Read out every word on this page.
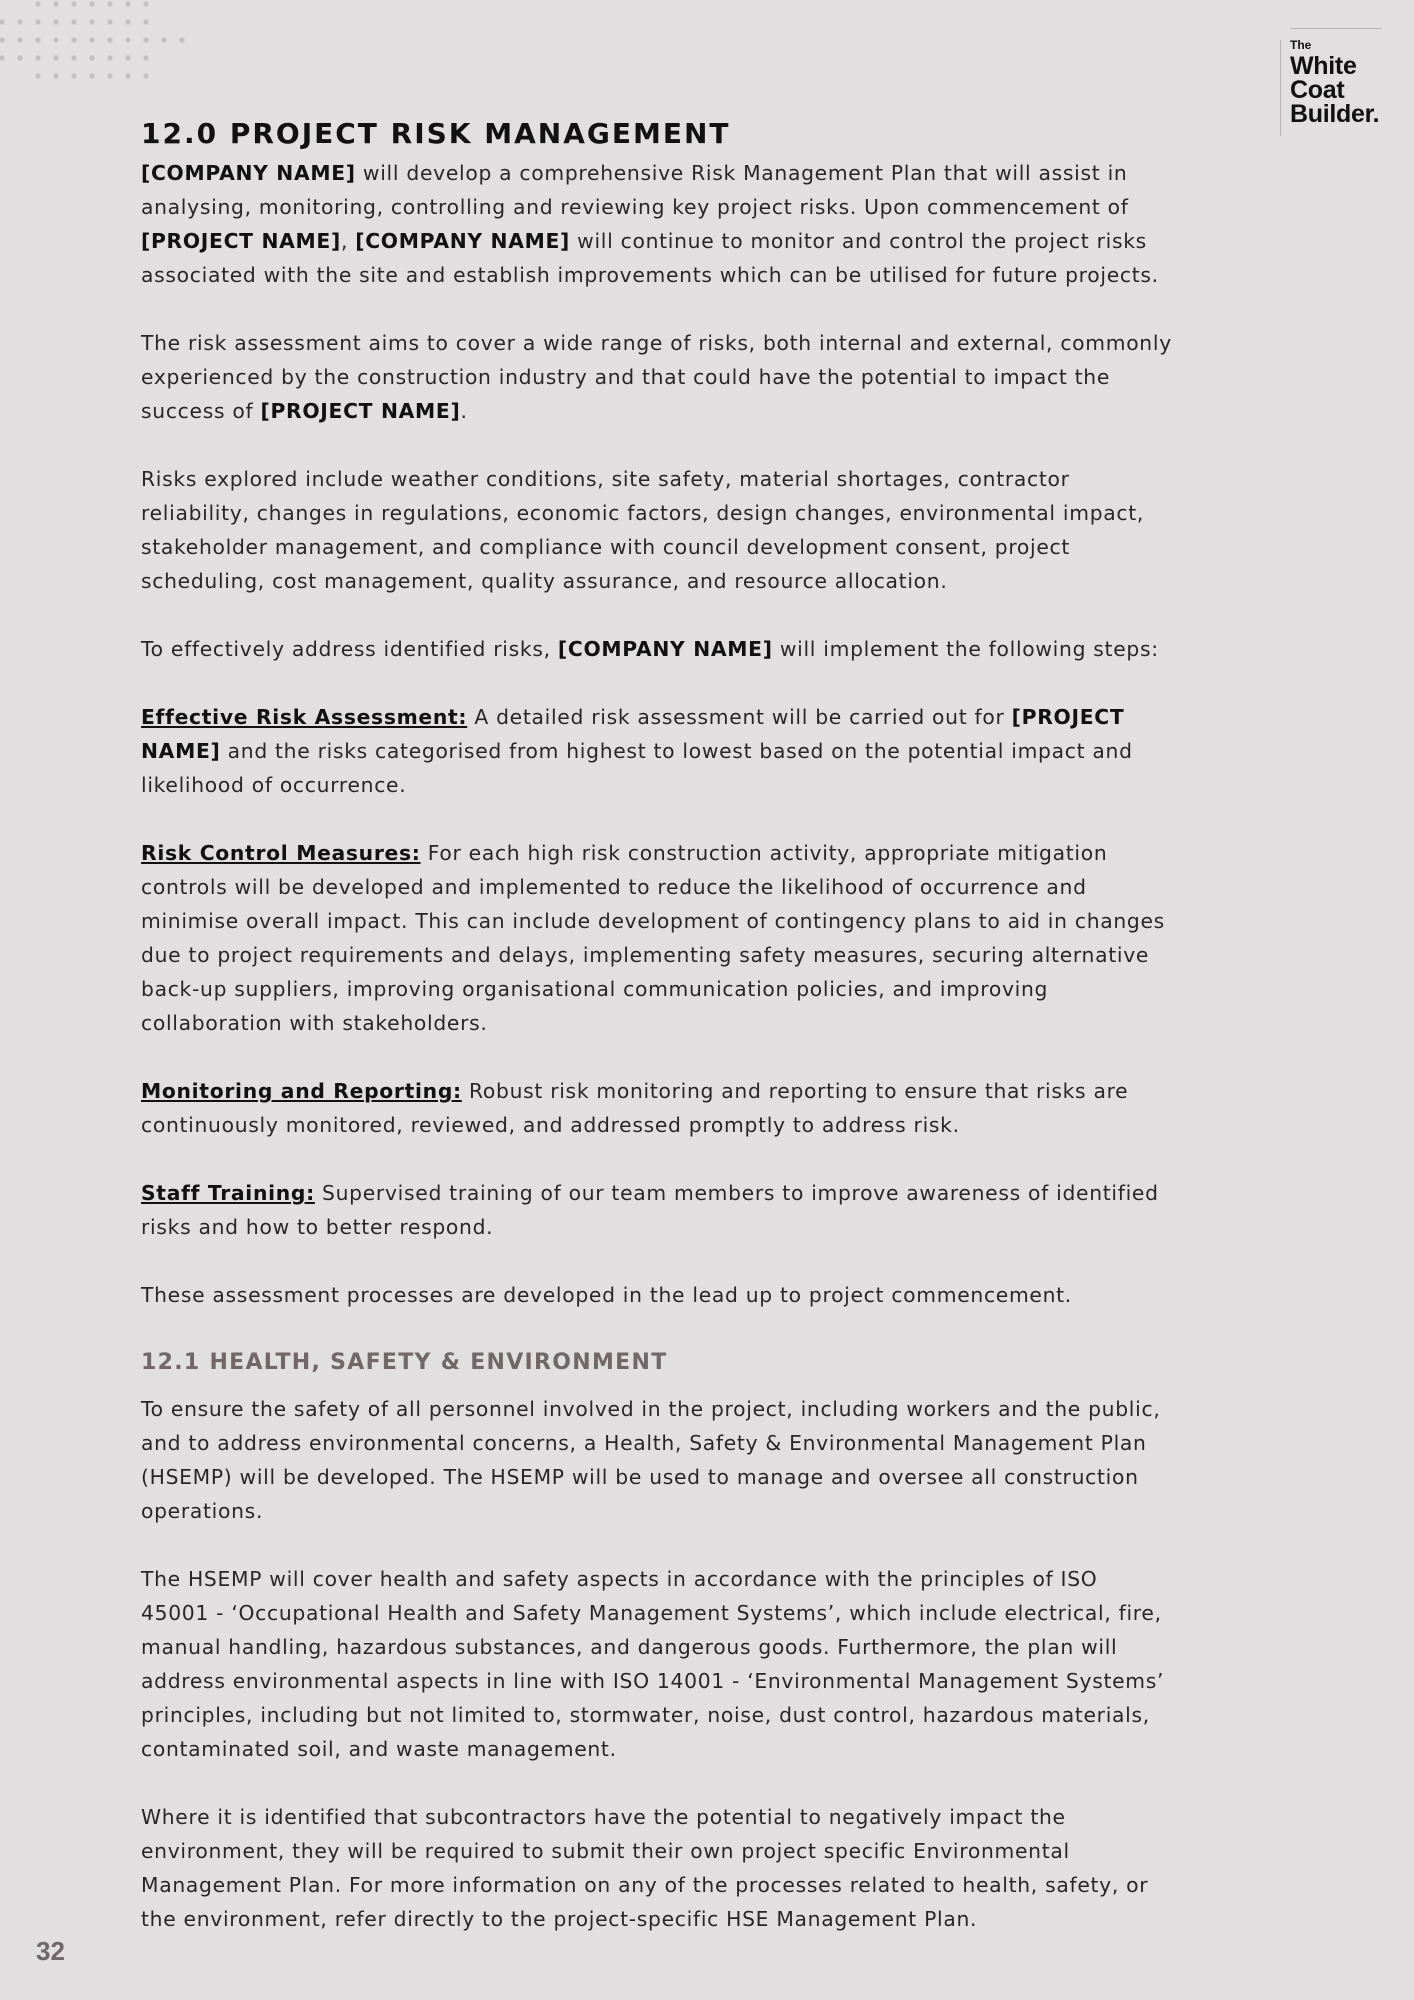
The
White
Coat
Builder.
12.0 PROJECT RISK MANAGEMENT

[COMPANY NAME] will develop a comprehensive Risk Management Plan that will assist in
analysing, monitoring, controlling and reviewing key project risks. Upon commencement of
[PROJECT NAME], [COMPANY NAME] will continue to monitor and control the project risks
associated with the site and establish improvements which can be utilised for future projects.

The risk assessment aims to cover a wide range of risks, both internal and external, commonly
experienced by the construction industry and that could have the potential to impact the
success of [PROJECT NAME].

Risks explored include weather conditions, site safety, material shortages, contractor
reliability, changes in regulations, economic factors, design changes, environmental impact,
stakeholder management, and compliance with council development consent, project
scheduling, cost management, quality assurance, and resource allocation.

To effectively address identified risks, [COMPANY NAME] will implement the following steps:

Effective Risk Assessment: A detailed risk assessment will be carried out for [PROJECT
NAME] and the risks categorised from highest to lowest based on the potential impact and
likelihood of occurrence.

Risk Control Measures: For each high risk construction activity, appropriate mitigation
controls will be developed and implemented to reduce the likelihood of occurrence and
minimise overall impact. This can include development of contingency plans to aid in changes
due to project requirements and delays, implementing safety measures, securing alternative
back-up suppliers, improving organisational communication policies, and improving
collaboration with stakeholders.

Monitoring and Reporting: Robust risk monitoring and reporting to ensure that risks are
continuously monitored, reviewed, and addressed promptly to address risk.

Staff Training: Supervised training of our team members to improve awareness of identified
risks and how to better respond.

These assessment processes are developed in the lead up to project commencement.

12.1 HEALTH, SAFETY & ENVIRONMENT

To ensure the safety of all personnel involved in the project, including workers and the public,
and to address environmental concerns, a Health, Safety & Environmental Management Plan
(HSEMP) will be developed. The HSEMP will be used to manage and oversee all construction
operations.

The HSEMP will cover health and safety aspects in accordance with the principles of ISO
45001 - ‘Occupational Health and Safety Management Systems’, which include electrical, fire,
manual handling, hazardous substances, and dangerous goods. Furthermore, the plan will
address environmental aspects in line with ISO 14001 - ‘Environmental Management Systems’
principles, including but not limited to, stormwater, noise, dust control, hazardous materials,
contaminated soil, and waste management.

Where it is identified that subcontractors have the potential to negatively impact the
environment, they will be required to submit their own project specific Environmental
Management Plan. For more information on any of the processes related to health, safety, or
the environment, refer directly to the project-specific HSE Management Plan.

32
